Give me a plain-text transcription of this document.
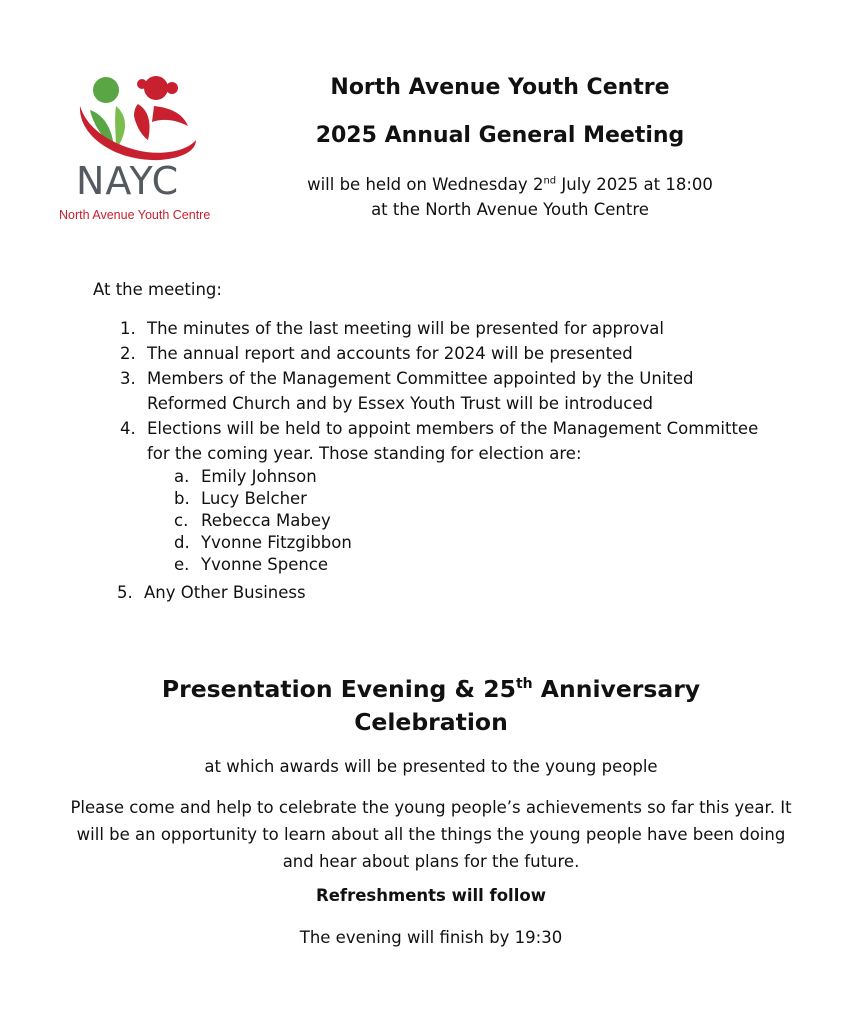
NAYC
North Avenue Youth Centre
North Avenue Youth Centre
2025 Annual General Meeting
will be held on Wednesday 2nd July 2025 at 18:00
at the North Avenue Youth Centre
At the meeting:
1. The minutes of the last meeting will be presented for approval
2. The annual report and accounts for 2024 will be presented
3. Members of the Management Committee appointed by the United Reformed Church and by Essex Youth Trust will be introduced
4. Elections will be held to appoint members of the Management Committee for the coming year. Those standing for election are:
a. Emily Johnson
b. Lucy Belcher
c. Rebecca Mabey
d. Yvonne Fitzgibbon
e. Yvonne Spence
5. Any Other Business
Presentation Evening & 25th Anniversary
Celebration
at which awards will be presented to the young people
Please come and help to celebrate the young people’s achievements so far this year. It will be an opportunity to learn about all the things the young people have been doing and hear about plans for the future.
Refreshments will follow
The evening will finish by 19:30
